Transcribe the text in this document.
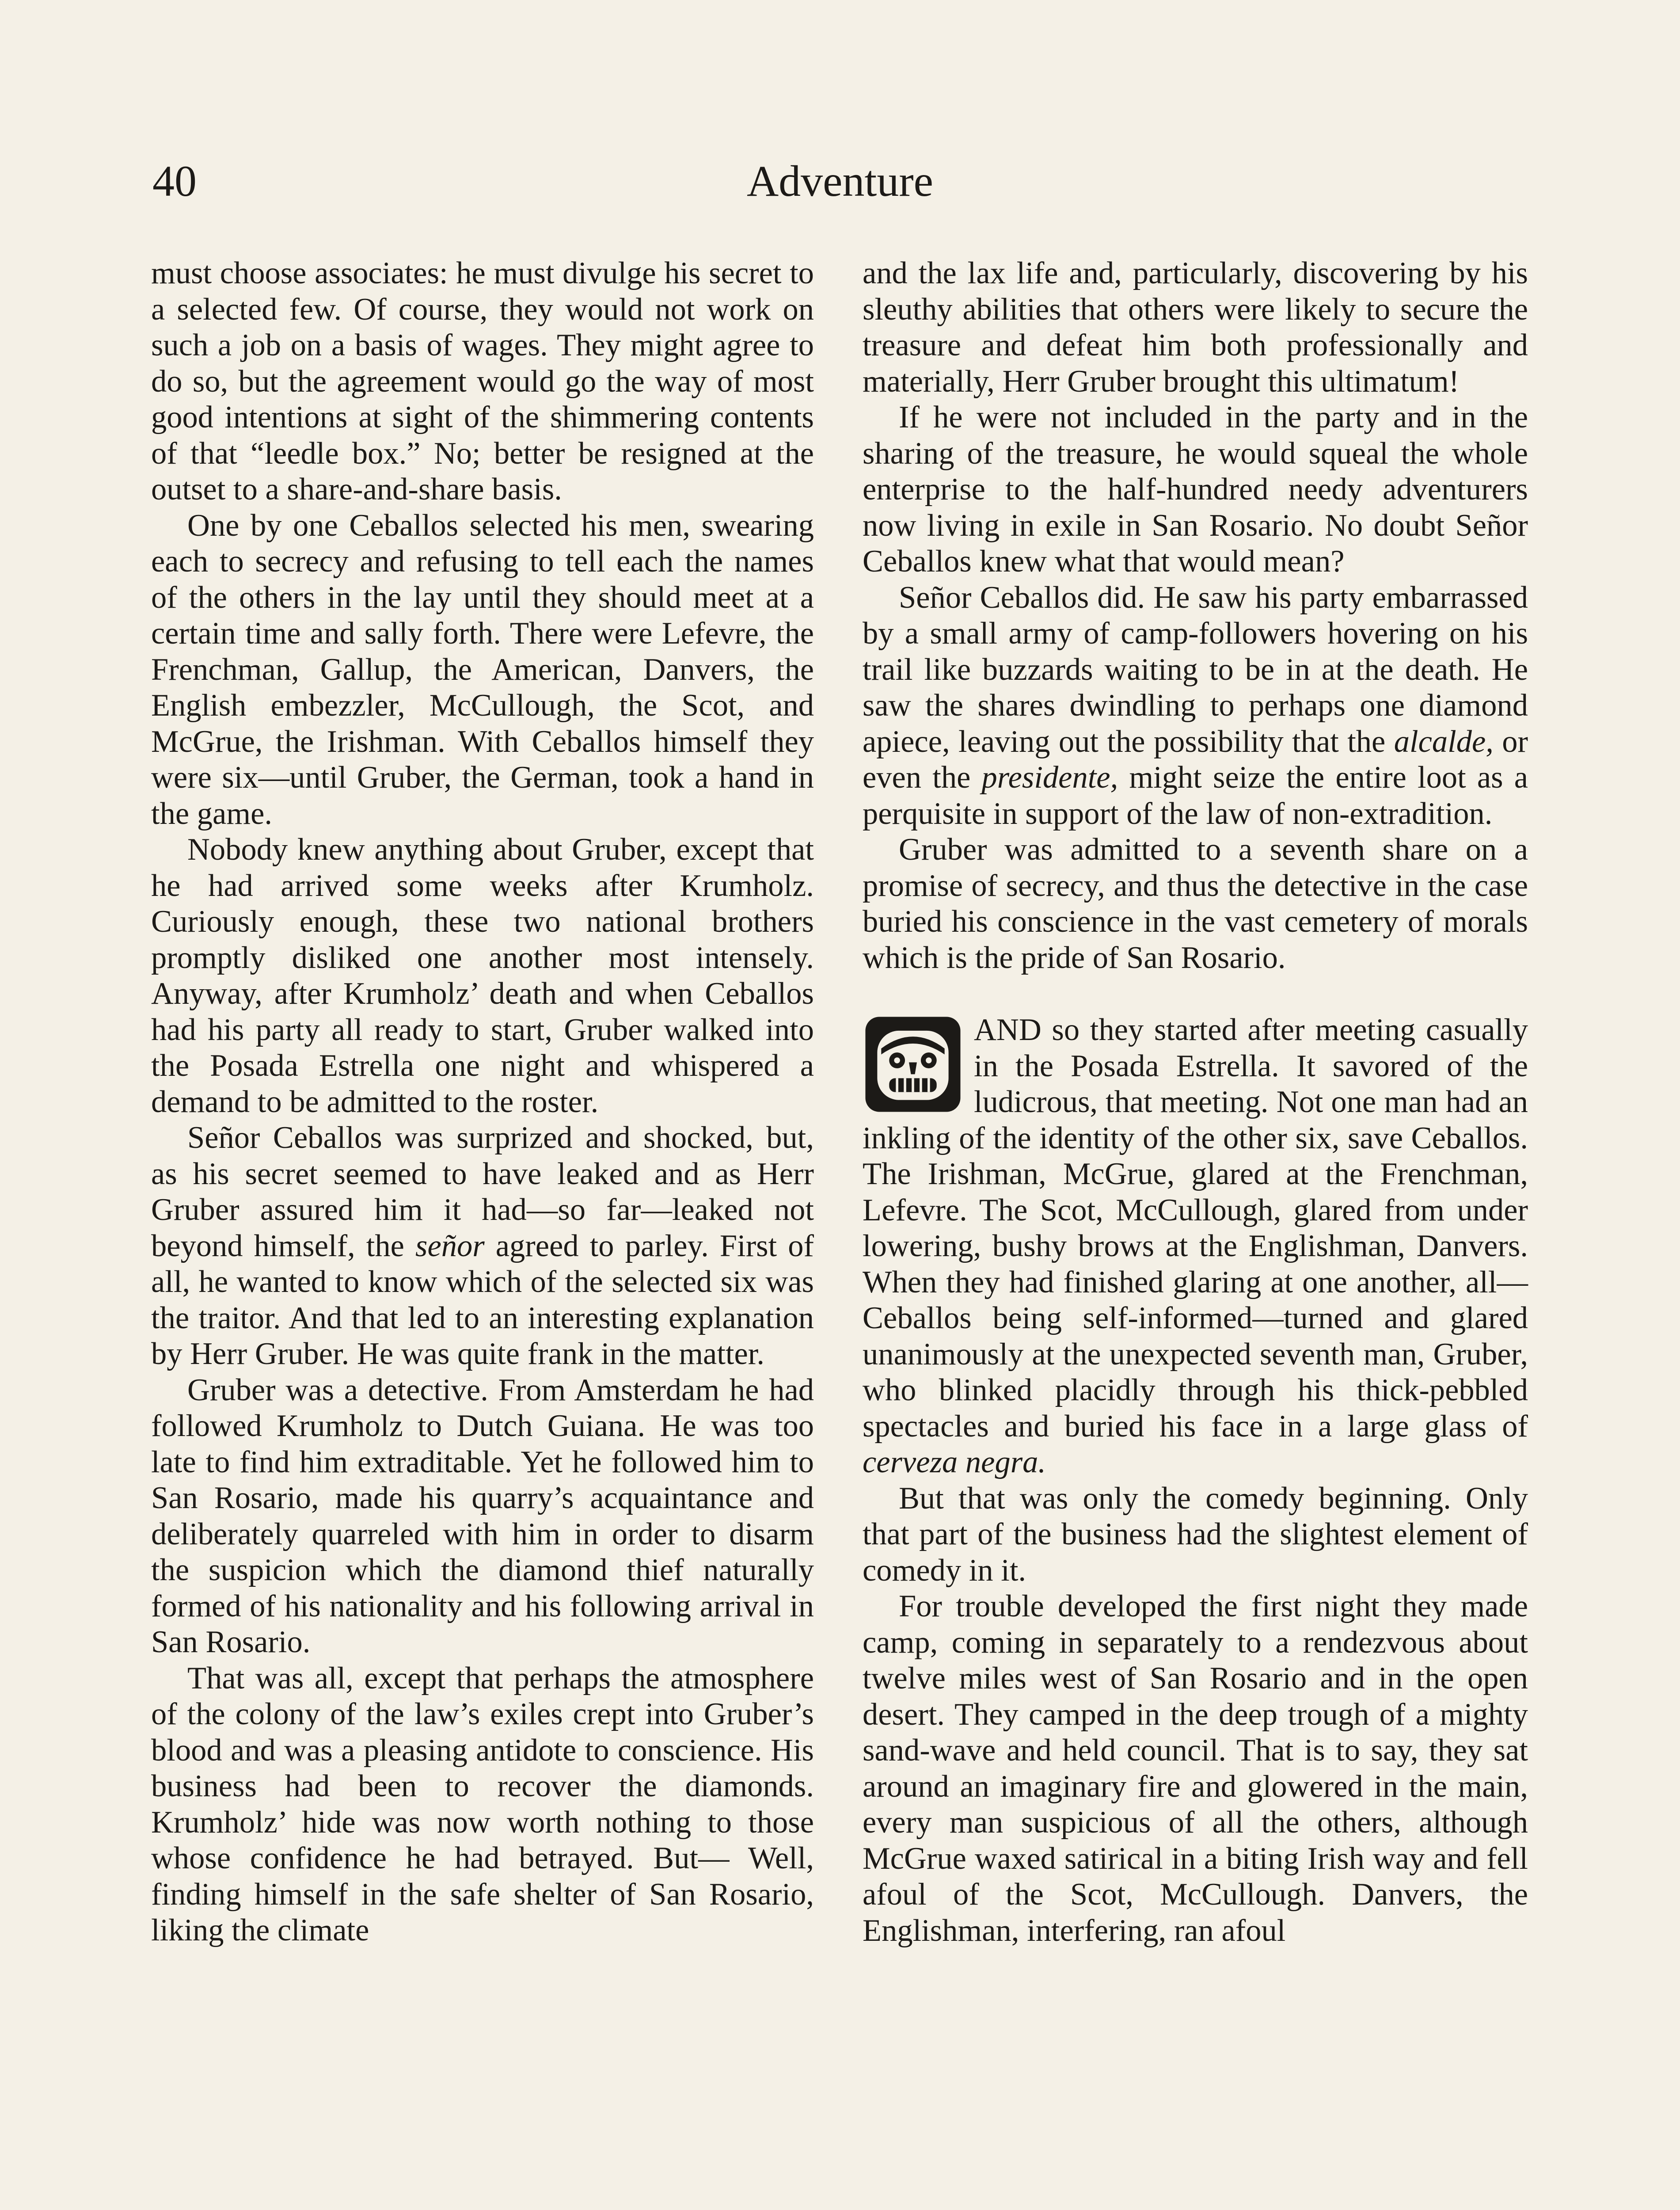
40	Adventure

must choose associates: he must divulge his secret to a selected few. Of course, they would not work on such a job on a basis of wages. They might agree to do so, but the agreement would go the way of most good intentions at sight of the shimmering contents of that “leedle box.” No; better be resigned at the outset to a share-and-share basis.

One by one Ceballos selected his men, swearing each to secrecy and refusing to tell each the names of the others in the lay until they should meet at a certain time and sally forth. There were Lefevre, the Frenchman, Gallup, the American, Danvers, the English embezzler, McCullough, the Scot, and McGrue, the Irishman. With Ceballos himself they were six—until Gruber, the German, took a hand in the game.

Nobody knew anything about Gruber, except that he had arrived some weeks after Krumholz. Curiously enough, these two national brothers promptly disliked one another most intensely. Anyway, after Krumholz’ death and when Ceballos had his party all ready to start, Gruber walked into the Posada Estrella one night and whispered a demand to be admitted to the roster.

Señor Ceballos was surprized and shocked, but, as his secret seemed to have leaked and as Herr Gruber assured him it had—so far—leaked not beyond himself, the señor agreed to parley. First of all, he wanted to know which of the selected six was the traitor. And that led to an interesting explanation by Herr Gruber. He was quite frank in the matter.

Gruber was a detective. From Amsterdam he had followed Krumholz to Dutch Guiana. He was too late to find him extraditable. Yet he followed him to San Rosario, made his quarry’s acquaintance and deliberately quarreled with him in order to disarm the suspicion which the diamond thief naturally formed of his nationality and his following arrival in San Rosario.

That was all, except that perhaps the atmosphere of the colony of the law’s exiles crept into Gruber’s blood and was a pleasing antidote to conscience. His business had been to recover the diamonds. Krumholz’ hide was now worth nothing to those whose confidence he had betrayed. But— Well, finding himself in the safe shelter of San Rosario, liking the climate

and the lax life and, particularly, discovering by his sleuthy abilities that others were likely to secure the treasure and defeat him both professionally and materially, Herr Gruber brought this ultimatum!

If he were not included in the party and in the sharing of the treasure, he would squeal the whole enterprise to the half-hundred needy adventurers now living in exile in San Rosario. No doubt Señor Ceballos knew what that would mean?

Señor Ceballos did. He saw his party embarrassed by a small army of camp-followers hovering on his trail like buzzards waiting to be in at the death. He saw the shares dwindling to perhaps one diamond apiece, leaving out the possibility that the alcalde, or even the presidente, might seize the entire loot as a perquisite in support of the law of non-extradition.

Gruber was admitted to a seventh share on a promise of secrecy, and thus the detective in the case buried his conscience in the vast cemetery of morals which is the pride of San Rosario.

AND so they started after meeting casually in the Posada Estrella. It savored of the ludicrous, that meeting. Not one man had an inkling of the identity of the other six, save Ceballos. The Irishman, McGrue, glared at the Frenchman, Lefevre. The Scot, McCullough, glared from under lowering, bushy brows at the Englishman, Danvers. When they had finished glaring at one another, all—Ceballos being self-informed—turned and glared unanimously at the unexpected seventh man, Gruber, who blinked placidly through his thick-pebbled spectacles and buried his face in a large glass of cerveza negra.

But that was only the comedy beginning. Only that part of the business had the slightest element of comedy in it.

For trouble developed the first night they made camp, coming in separately to a rendezvous about twelve miles west of San Rosario and in the open desert. They camped in the deep trough of a mighty sand-wave and held council. That is to say, they sat around an imaginary fire and glowered in the main, every man suspicious of all the others, although McGrue waxed satirical in a biting Irish way and fell afoul of the Scot, McCullough. Danvers, the Englishman, interfering, ran afoul
